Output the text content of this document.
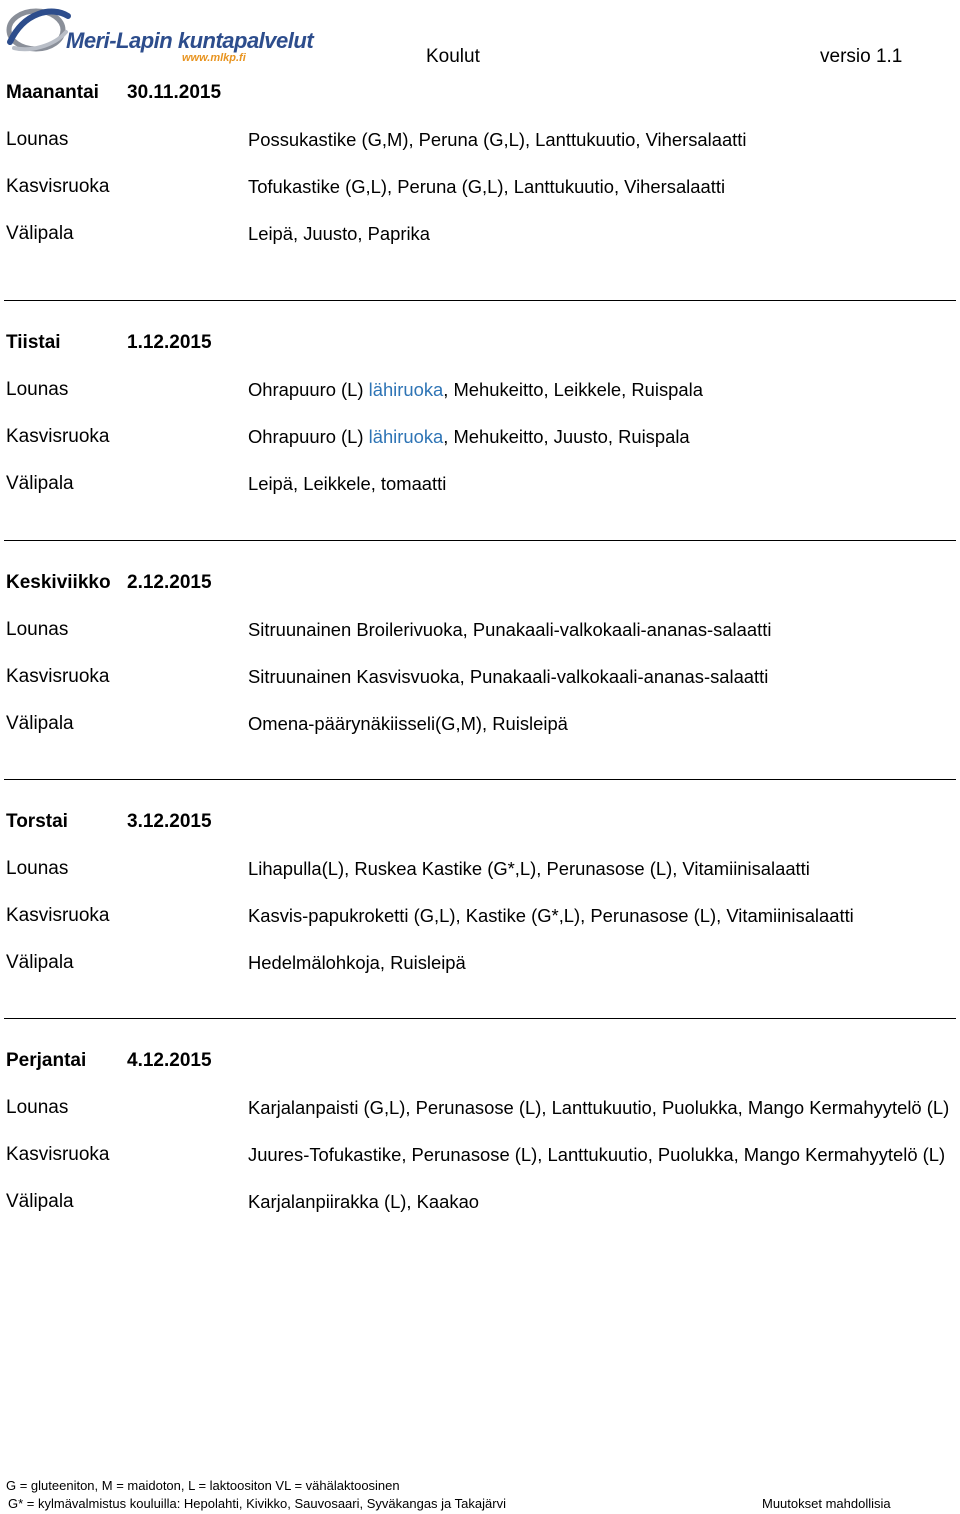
Meri-Lapin kuntapalvelut
www.mlkp.fi	Koulut	versio 1.1
Maanantai 30.11.2015
Lounas	Possukastike (G,M), Peruna (G,L), Lanttukuutio, Vihersalaatti
Kasvisruoka	Tofukastike (G,L), Peruna (G,L), Lanttukuutio, Vihersalaatti
Välipala	Leipä, Juusto, Paprika
Tiistai	1.12.2015
Lounas	Ohrapuuro (L) lähiruoka, Mehukeitto, Leikkele, Ruispala
Kasvisruoka	Ohrapuuro (L) lähiruoka, Mehukeitto, Juusto, Ruispala
Välipala	Leipä, Leikkele, tomaatti
Keskiviikko 2.12.2015
Lounas	Sitruunainen Broilerivuoka, Punakaali-valkokaali-ananas-salaatti
Kasvisruoka	Sitruunainen Kasvisvuoka, Punakaali-valkokaali-ananas-salaatti
Välipala	Omena-päärynäkiisseli(G,M), Ruisleipä
Torstai	3.12.2015
Lounas	Lihapulla(L), Ruskea Kastike (G*,L), Perunasose (L), Vitamiinisalaatti
Kasvisruoka	Kasvis-papukroketti (G,L), Kastike (G*,L), Perunasose (L), Vitamiinisalaatti
Välipala	Hedelmälohkoja, Ruisleipä
Perjantai 4.12.2015
Lounas	Karjalanpaisti (G,L), Perunasose (L), Lanttukuutio, Puolukka, Mango Kermahyytelö (L)
Kasvisruoka	Juures-Tofukastike, Perunasose (L), Lanttukuutio, Puolukka, Mango Kermahyytelö (L)
Välipala	Karjalanpiirakka (L), Kaakao
G = gluteeniton, M = maidoton, L = laktoositon VL = vähälaktoosinen
G* = kylmävalmistus kouluilla: Hepolahti, Kivikko, Sauvosaari, Syväkangas ja Takajärvi	Muutokset mahdollisia
